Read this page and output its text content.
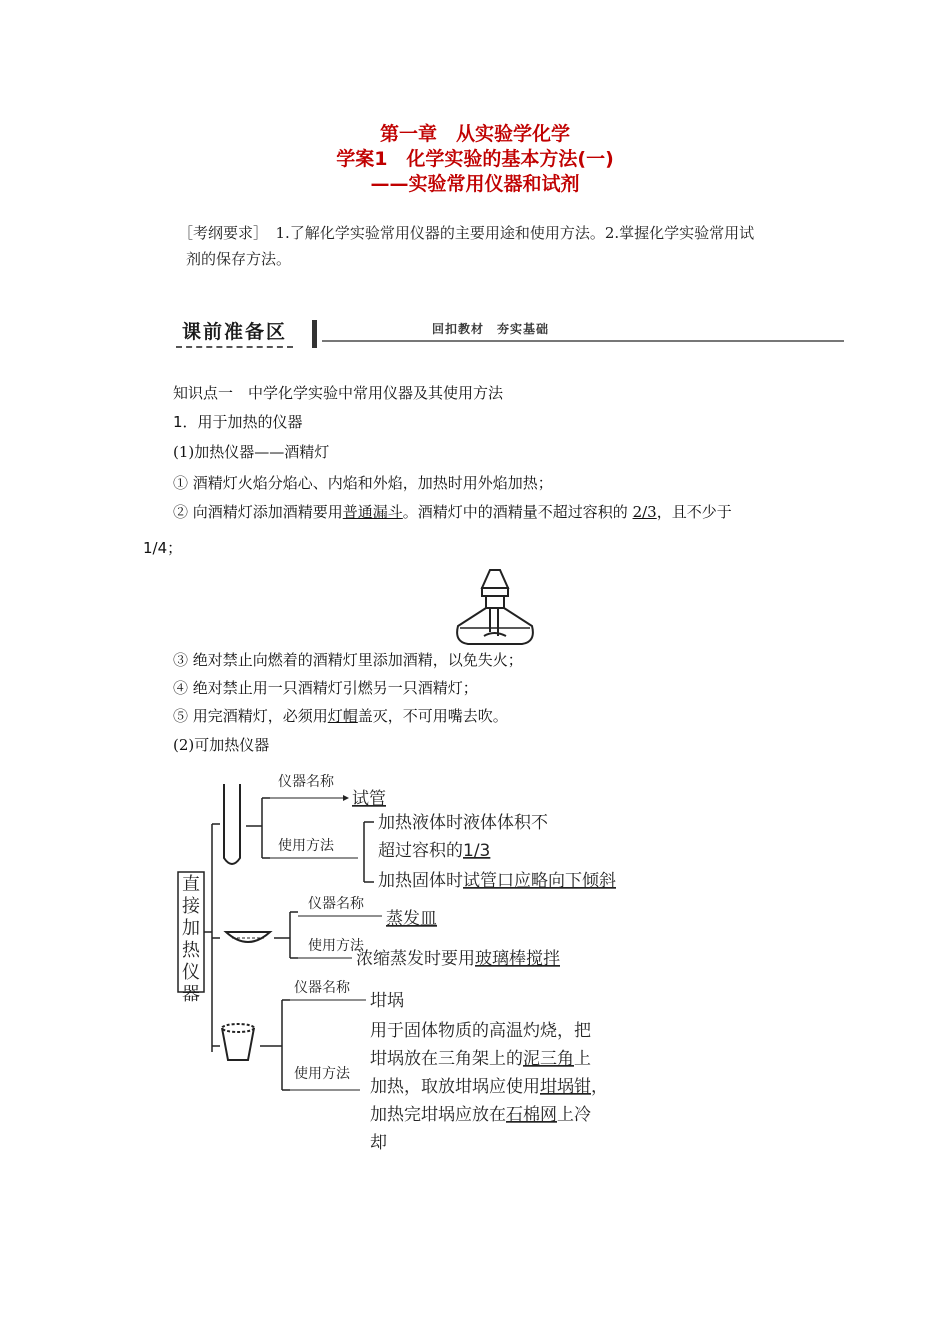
第一章　从实验学化学
学案1　化学实验的基本方法(一)
——实验常用仪器和试剂
［考纲要求］　1.了解化学实验常用仪器的主要用途和使用方法。2.掌握化学实验常用试
剂的保存方法。
课前准备区	回扣教材　夯实基础
知识点一　中学化学实验中常用仪器及其使用方法
1．用于加热的仪器
(1)加热仪器——酒精灯
① 酒精灯火焰分焰心、内焰和外焰，加热时用外焰加热；
② 向酒精灯添加酒精要用普通漏斗。酒精灯中的酒精量不超过容积的 2/3，且不少于
1/4；
③ 绝对禁止向燃着的酒精灯里添加酒精，以免失火；
④ 绝对禁止用一只酒精灯引燃另一只酒精灯；
⑤ 用完酒精灯，必须用灯帽盖灭，不可用嘴去吹。
(2)可加热仪器
直
接
加
热
仪
器
仪器名称
试管
使用方法
加热液体时液体体积不
超过容积的1/3
加热固体时试管口应略向下倾斜
仪器名称
蒸发皿
使用方法
浓缩蒸发时要用玻璃棒搅拌
仪器名称
坩埚
使用方法
用于固体物质的高温灼烧，把
坩埚放在三角架上的泥三角上
加热，取放坩埚应使用坩埚钳，
加热完坩埚应放在石棉网上冷
却
